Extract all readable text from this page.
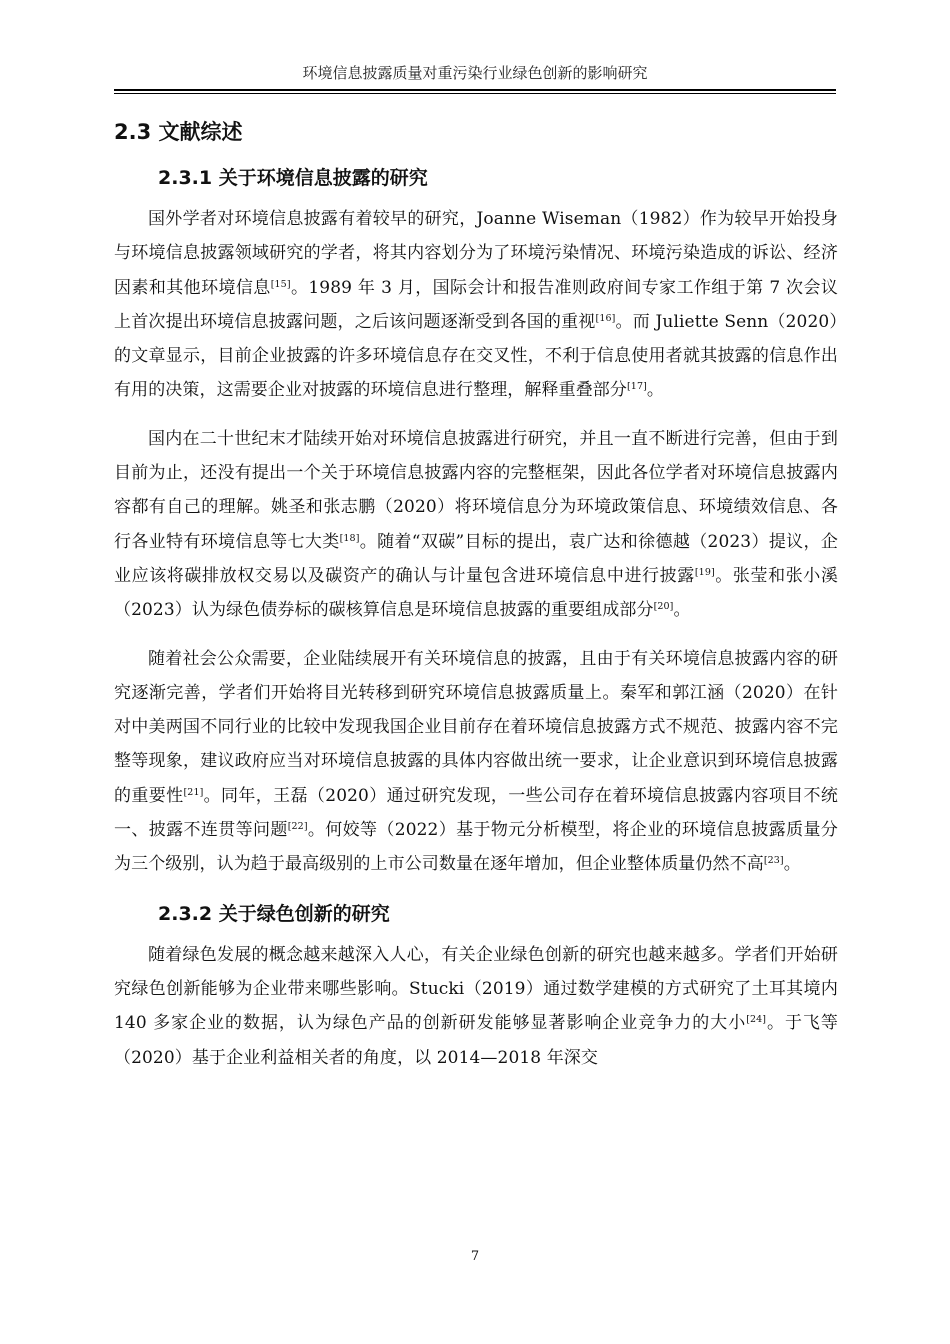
环境信息披露质量对重污染行业绿色创新的影响研究
2.3 文献综述
2.3.1 关于环境信息披露的研究

国外学者对环境信息披露有着较早的研究，Joanne Wiseman（1982）作为较早开始投身与环境信息披露领域研究的学者，将其内容划分为了环境污染情况、环境污染造成的诉讼、经济因素和其他环境信息[15]。1989 年 3 月，国际会计和报告准则政府间专家工作组于第 7 次会议上首次提出环境信息披露问题，之后该问题逐渐受到各国的重视[16]。而 Juliette Senn（2020）的文章显示，目前企业披露的许多环境信息存在交叉性，不利于信息使用者就其披露的信息作出有用的决策，这需要企业对披露的环境信息进行整理，解释重叠部分[17]。

国内在二十世纪末才陆续开始对环境信息披露进行研究，并且一直不断进行完善，但由于到目前为止，还没有提出一个关于环境信息披露内容的完整框架，因此各位学者对环境信息披露内容都有自己的理解。姚圣和张志鹏（2020）将环境信息分为环境政策信息、环境绩效信息、各行各业特有环境信息等七大类[18]。随着“双碳”目标的提出，袁广达和徐德越（2023）提议，企业应该将碳排放权交易以及碳资产的确认与计量包含进环境信息中进行披露[19]。张莹和张小溪（2023）认为绿色债券标的碳核算信息是环境信息披露的重要组成部分[20]。

随着社会公众需要，企业陆续展开有关环境信息的披露，且由于有关环境信息披露内容的研究逐渐完善，学者们开始将目光转移到研究环境信息披露质量上。秦军和郭江涵（2020）在针对中美两国不同行业的比较中发现我国企业目前存在着环境信息披露方式不规范、披露内容不完整等现象，建议政府应当对环境信息披露的具体内容做出统一要求，让企业意识到环境信息披露的重要性[21]。同年，王磊（2020）通过研究发现，一些公司存在着环境信息披露内容项目不统一、披露不连贯等问题[22]。何姣等（2022）基于物元分析模型，将企业的环境信息披露质量分为三个级别，认为趋于最高级别的上市公司数量在逐年增加，但企业整体质量仍然不高[23]。

2.3.2 关于绿色创新的研究

随着绿色发展的概念越来越深入人心，有关企业绿色创新的研究也越来越多。学者们开始研究绿色创新能够为企业带来哪些影响。Stucki（2019）通过数学建模的方式研究了土耳其境内 140 多家企业的数据，认为绿色产品的创新研发能够显著影响企业竞争力的大小[24]。于飞等（2020）基于企业利益相关者的角度，以 2014—2018 年深交

7
